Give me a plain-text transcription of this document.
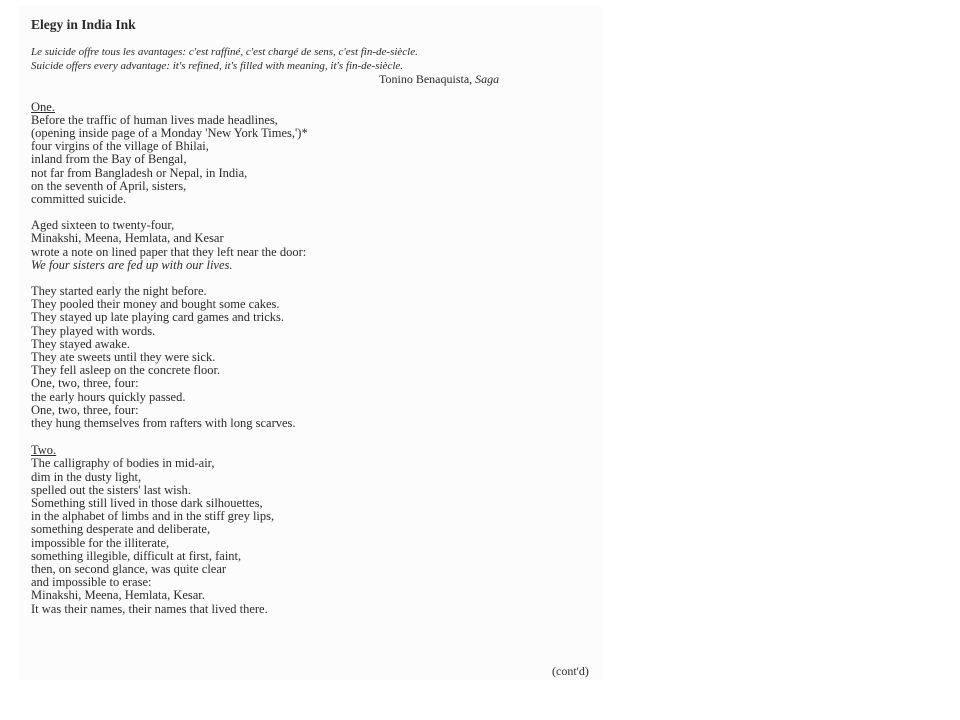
Elegy in India Ink
Le suicide offre tous les avantages: c'est raffiné, c'est chargé de sens, c'est fin-de-siècle.
Suicide offers every advantage: it's refined, it's filled with meaning, it's fin-de-siècle.
Tonino Benaquista, Saga
One.
Before the traffic of human lives made headlines,
(opening inside page of a Monday 'New York Times,')*
four virgins of the village of Bhilai,
inland from the Bay of Bengal,
not far from Bangladesh or Nepal, in India,
on the seventh of April, sisters,
committed suicide.
Aged sixteen to twenty-four,
Minakshi, Meena, Hemlata, and Kesar
wrote a note on lined paper that they left near the door:
We four sisters are fed up with our lives.
They started early the night before.
They pooled their money and bought some cakes.
They stayed up late playing card games and tricks.
They played with words.
They stayed awake.
They ate sweets until they were sick.
They fell asleep on the concrete floor.
One, two, three, four:
the early hours quickly passed.
One, two, three, four:
they hung themselves from rafters with long scarves.
Two.
The calligraphy of bodies in mid-air,
dim in the dusty light,
spelled out the sisters' last wish.
Something still lived in those dark silhouettes,
in the alphabet of limbs and in the stiff grey lips,
something desperate and deliberate,
impossible for the illiterate,
something illegible, difficult at first, faint,
then, on second glance, was quite clear
and impossible to erase:
Minakshi, Meena, Hemlata, Kesar.
It was their names, their names that lived there.
(cont'd)
